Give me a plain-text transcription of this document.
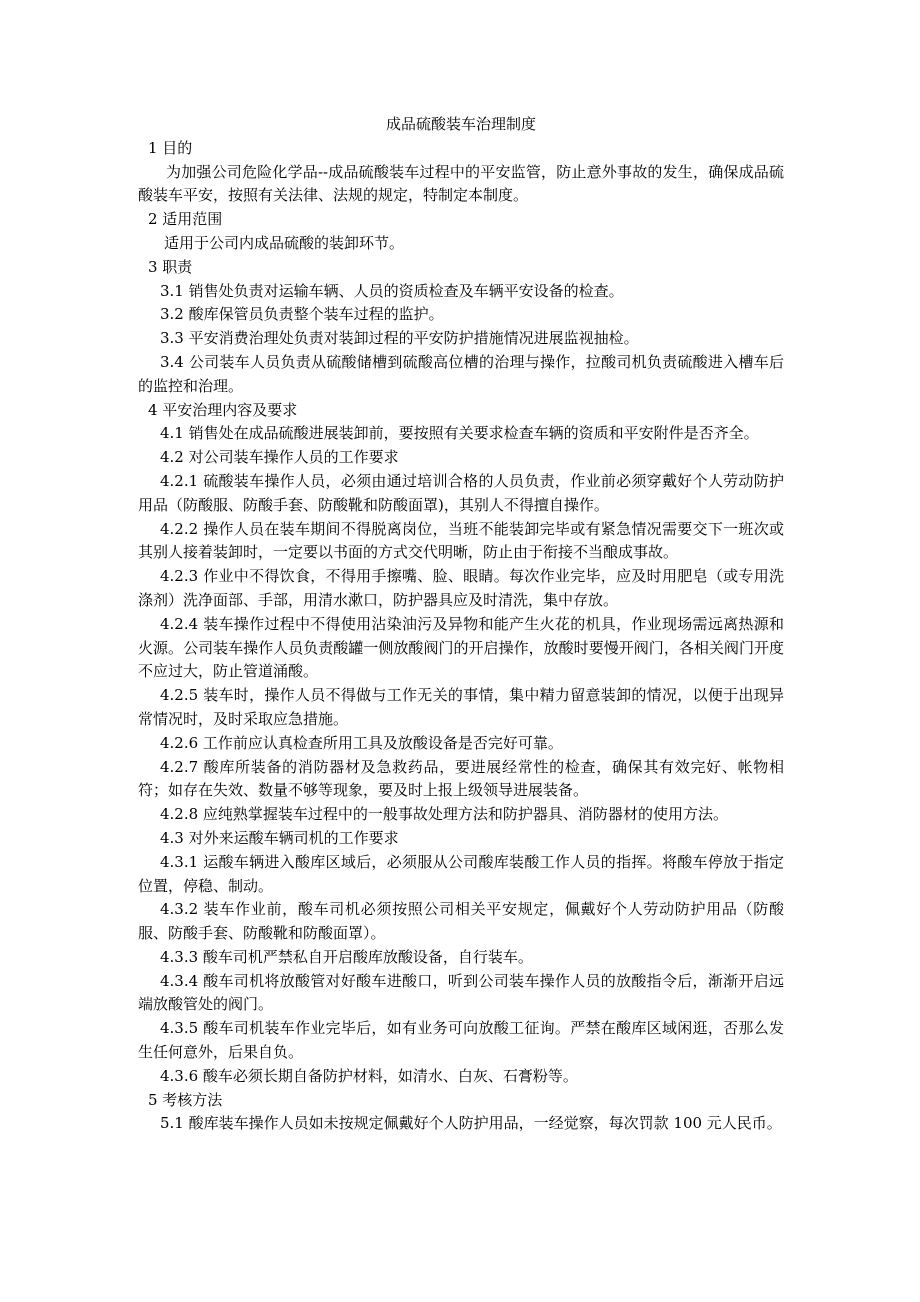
成品硫酸装车治理制度

1 目的

为加强公司危险化学品--成品硫酸装车过程中的平安监管，防止意外事故的发生，确保成品硫酸装车平安，按照有关法律、法规的规定，特制定本制度。

2 适用范围

适用于公司内成品硫酸的装卸环节。

3 职责

3.1 销售处负责对运输车辆、人员的资质检查及车辆平安设备的检查。

3.2 酸库保管员负责整个装车过程的监护。

3.3 平安消费治理处负责对装卸过程的平安防护措施情况进展监视抽检。

3.4 公司装车人员负责从硫酸储槽到硫酸高位槽的治理与操作，拉酸司机负责硫酸进入槽车后的监控和治理。

4 平安治理内容及要求

4.1 销售处在成品硫酸进展装卸前，要按照有关要求检查车辆的资质和平安附件是否齐全。

4.2 对公司装车操作人员的工作要求

4.2.1 硫酸装车操作人员，必须由通过培训合格的人员负责，作业前必须穿戴好个人劳动防护用品（防酸服、防酸手套、防酸靴和防酸面罩)，其别人不得擅自操作。

4.2.2 操作人员在装车期间不得脱离岗位，当班不能装卸完毕或有紧急情况需要交下一班次或其别人接着装卸时，一定要以书面的方式交代明晰，防止由于衔接不当酿成事故。

4.2.3 作业中不得饮食，不得用手擦嘴、脸、眼睛。每次作业完毕，应及时用肥皂（或专用洗涤剂）洗净面部、手部，用清水漱口，防护器具应及时清洗，集中存放。

4.2.4 装车操作过程中不得使用沾染油污及异物和能产生火花的机具，作业现场需远离热源和火源。公司装车操作人员负责酸罐一侧放酸阀门的开启操作，放酸时要慢开阀门，各相关阀门开度不应过大，防止管道涌酸。

4.2.5 装车时，操作人员不得做与工作无关的事情，集中精力留意装卸的情况，以便于出现异常情况时，及时采取应急措施。

4.2.6 工作前应认真检查所用工具及放酸设备是否完好可靠。

4.2.7 酸库所装备的消防器材及急救药品，要进展经常性的检查，确保其有效完好、帐物相符；如存在失效、数量不够等现象，要及时上报上级领导进展装备。

4.2.8 应纯熟掌握装车过程中的一般事故处理方法和防护器具、消防器材的使用方法。

4.3 对外来运酸车辆司机的工作要求

4.3.1 运酸车辆进入酸库区域后，必须服从公司酸库装酸工作人员的指挥。将酸车停放于指定位置，停稳、制动。

4.3.2 装车作业前，酸车司机必须按照公司相关平安规定，佩戴好个人劳动防护用品（防酸服、防酸手套、防酸靴和防酸面罩）。

4.3.3 酸车司机严禁私自开启酸库放酸设备，自行装车。

4.3.4 酸车司机将放酸管对好酸车进酸口，听到公司装车操作人员的放酸指令后，渐渐开启远端放酸管处的阀门。

4.3.5 酸车司机装车作业完毕后，如有业务可向放酸工征询。严禁在酸库区域闲逛，否那么发生任何意外，后果自负。

4.3.6 酸车必须长期自备防护材料，如清水、白灰、石膏粉等。

5 考核方法

5.1 酸库装车操作人员如未按规定佩戴好个人防护用品，一经觉察，每次罚款 100 元人民币。
